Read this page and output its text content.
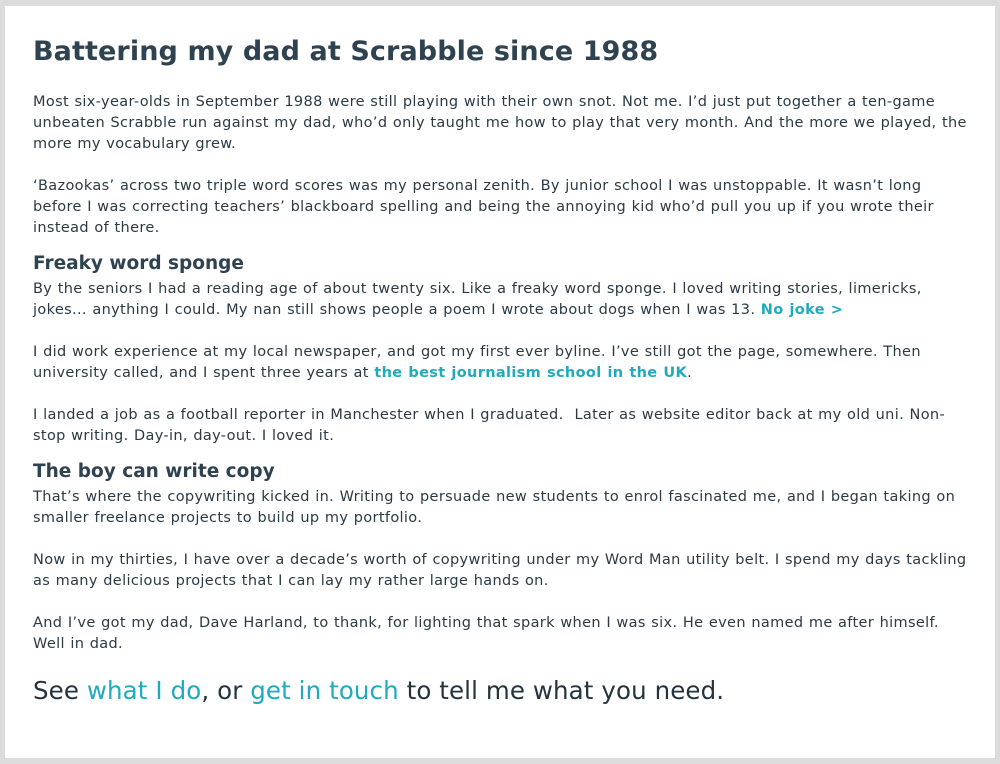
Battering my dad at Scrabble since 1988

Most six-year-olds in September 1988 were still playing with their own snot. Not me. I’d just put together a ten-game unbeaten Scrabble run against my dad, who’d only taught me how to play that very month. And the more we played, the more my vocabulary grew.

‘Bazookas’ across two triple word scores was my personal zenith. By junior school I was unstoppable. It wasn’t long before I was correcting teachers’ blackboard spelling and being the annoying kid who’d pull you up if you wrote their instead of there.

Freaky word sponge

By the seniors I had a reading age of about twenty six. Like a freaky word sponge. I loved writing stories, limericks, jokes... anything I could. My nan still shows people a poem I wrote about dogs when I was 13. No joke >

I did work experience at my local newspaper, and got my first ever byline. I’ve still got the page, somewhere. Then university called, and I spent three years at the best journalism school in the UK.

I landed a job as a football reporter in Manchester when I graduated.  Later as website editor back at my old uni. Non-stop writing. Day-in, day-out. I loved it.

The boy can write copy

That’s where the copywriting kicked in. Writing to persuade new students to enrol fascinated me, and I began taking on smaller freelance projects to build up my portfolio.

Now in my thirties, I have over a decade’s worth of copywriting under my Word Man utility belt. I spend my days tackling as many delicious projects that I can lay my rather large hands on.

And I’ve got my dad, Dave Harland, to thank, for lighting that spark when I was six. He even named me after himself. Well in dad.

See what I do, or get in touch to tell me what you need.
